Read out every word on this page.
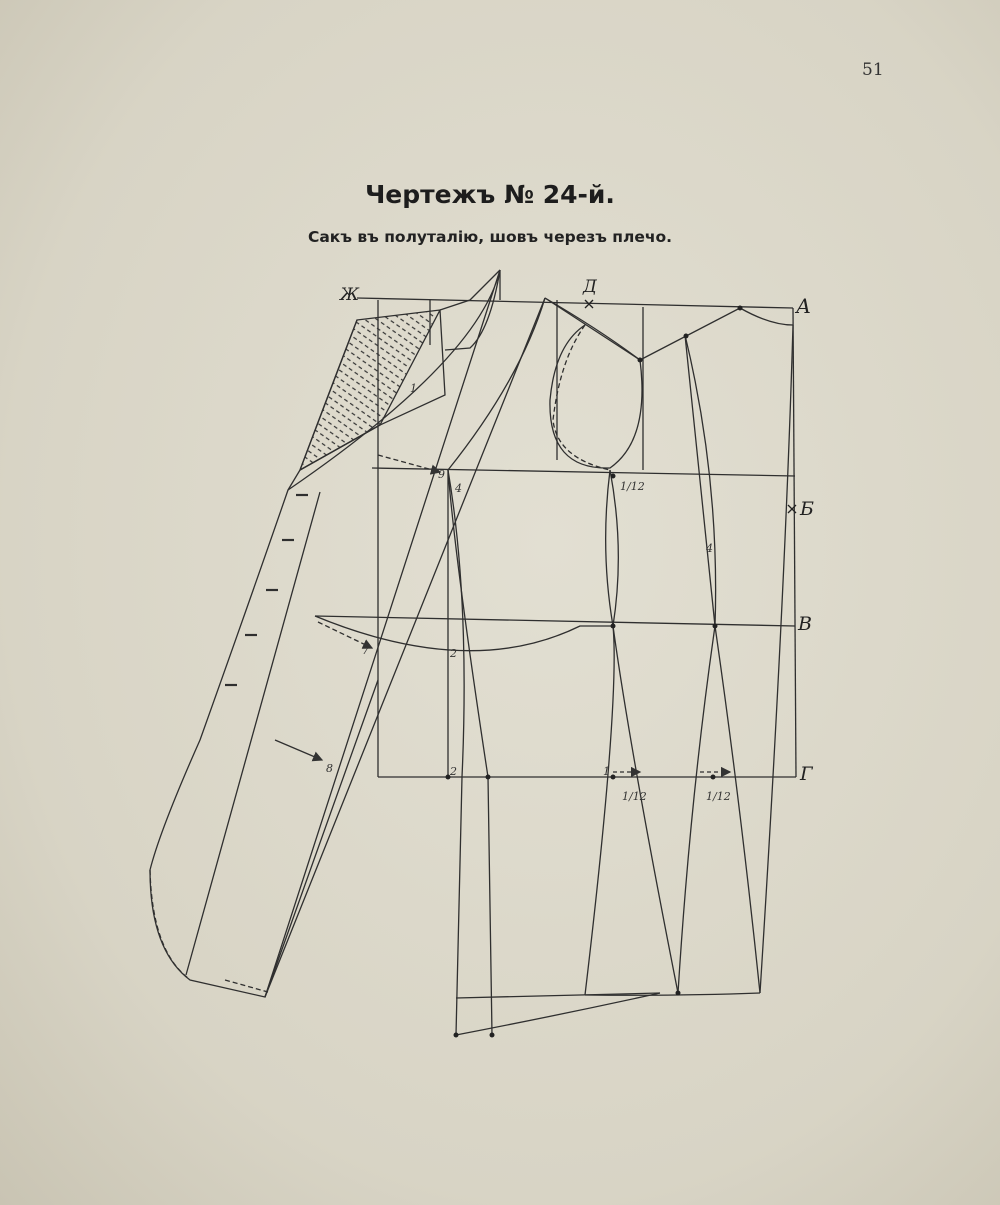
51
Чертежъ № 24-й.
Сакъ въ полуталію, шовъ черезъ плечо.
А
Б
В
Г
Д
Ж
1
9
4	1/12
4
7	2
8	2	1
1/12	1/12
